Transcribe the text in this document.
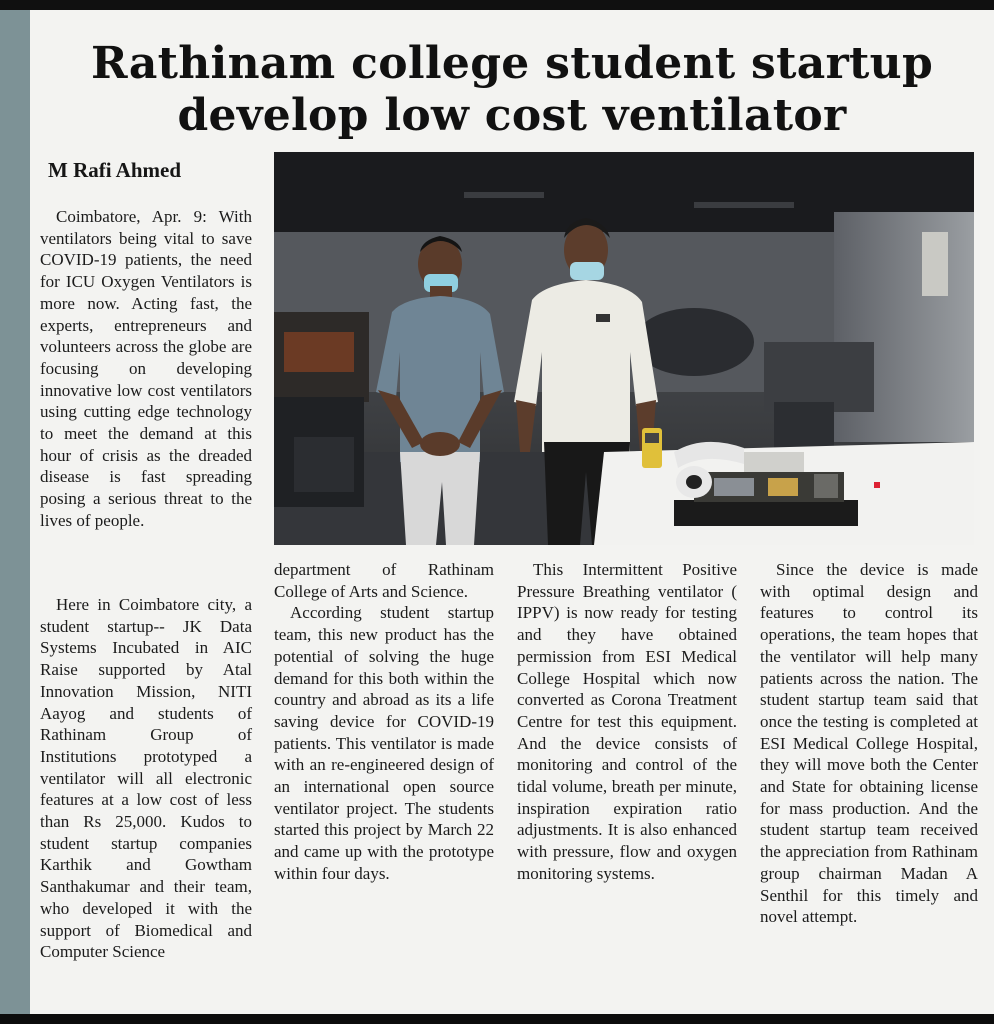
Rathinam college student startup
develop low cost ventilator
M Rafi Ahmed

Coimbatore, Apr. 9: With ventilators being vital to save COVID-19 patients, the need for ICU Oxygen Ventilators is more now. Acting fast, the experts, entrepreneurs and volunteers across the globe are focusing on developing innovative low cost ventilators using cutting edge technology to meet the demand at this hour of crisis as the dreaded disease is fast spreading posing a serious threat to the lives of people.

Here in Coimbatore city, a student startup-- JK Data Systems Incubated in AIC Raise supported by Atal Innovation Mission, NITI Aayog and students of Rathinam Group of Institutions prototyped a ventilator will all electronic features at a low cost of less than Rs 25,000. Kudos to student startup companies Karthik and Gowtham Santhakumar and their team, who developed it with the support of Biomedical and Computer Science

department of Rathinam College of Arts and Science.

According student startup team, this new product has the potential of solving the huge demand for this both within the country and abroad as its a life saving device for COVID-19 patients. This ventilator is made with an re-engineered design of an international open source ventilator project. The students started this project by March 22 and came up with the prototype within four days.

This Intermittent Positive Pressure Breathing ventilator ( IPPV) is now ready for testing and they have obtained permission from ESI Medical College Hospital which now converted as Corona Treatment Centre for test this equipment. And the device consists of monitoring and control of the tidal volume, breath per minute, inspiration expiration ratio adjustments. It is also enhanced with pressure, flow and oxygen monitoring systems.

Since the device is made with optimal design and features to control its operations, the team hopes that the ventilator will help many patients across the nation. The student startup team said that once the testing is completed at ESI Medical College Hospital, they will move both the Center and State for obtaining license for mass production. And the student startup team received the appreciation from Rathinam group chairman Madan A Senthil for this timely and novel attempt.
